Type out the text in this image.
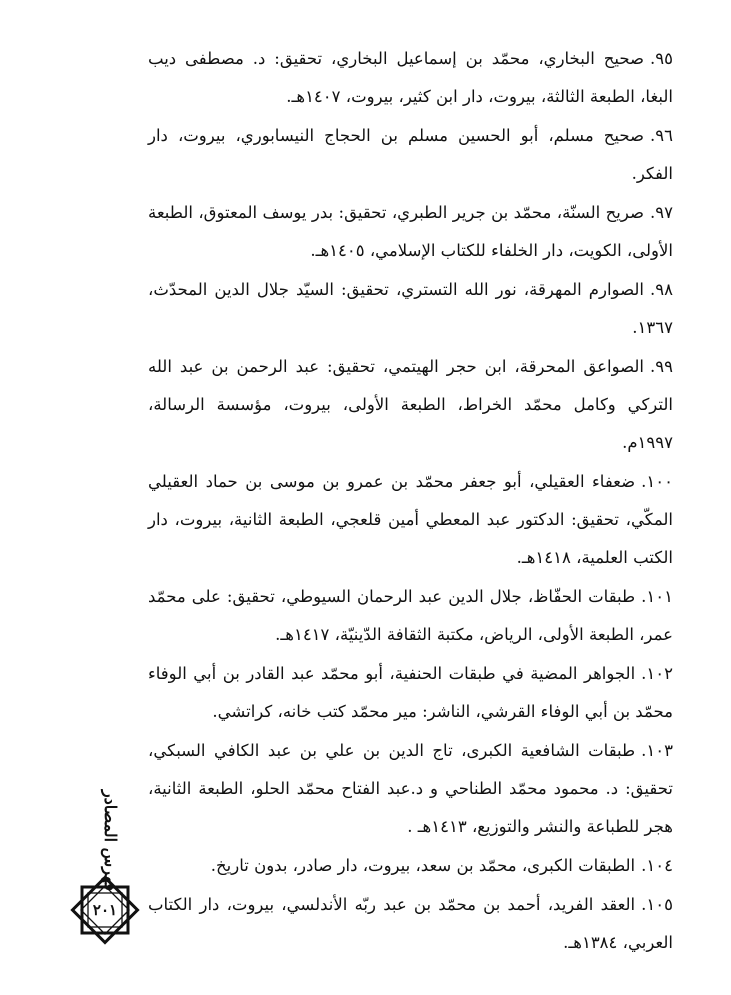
٩٥.صحيح البخاري، محمّد بن إسماعيل البخاري، تحقيق: د. مصطفى ديب البغا، الطبعة الثالثة، بيروت، دار ابن كثير، بيروت، ١٤٠٧هـ.

٩٦.صحيح مسلم، أبو الحسين مسلم بن الحجاج النيسابوري، بيروت، دار الفكر.

٩٧.صريح السنّة، محمّد بن جرير الطبري، تحقيق: بدر يوسف المعتوق، الطبعة الأولى، الكويت، دار الخلفاء للكتاب الإسلامي، ١٤٠٥هـ.

٩٨.الصوارم المهرقة، نور الله التستري، تحقيق: السيّد جلال الدين المحدّث، ١٣٦٧.

٩٩.الصواعق المحرقة، ابن حجر الهيتمي، تحقيق: عبد الرحمن بن عبد الله التركي وكامل محمّد الخراط، الطبعة الأولى، بيروت، مؤسسة الرسالة، ١٩٩٧م.

١٠٠.ضعفاء العقيلي، أبو جعفر محمّد بن عمرو بن موسى بن حماد العقيلي المكّي، تحقيق: الدكتور عبد المعطي أمين قلعجي، الطبعة الثانية، بيروت، دار الكتب العلمية، ١٤١٨هـ.

١٠١.طبقات الحفّاظ، جلال الدين عبد الرحمان السيوطي، تحقيق: على محمّد عمر، الطبعة الأولى، الرياض، مكتبة الثقافة الدّينيّة، ١٤١٧هـ.

١٠٢.الجواهر المضية في طبقات الحنفية، أبو محمّد عبد القادر بن أبي الوفاء محمّد بن أبي الوفاء القرشي، الناشر: مير محمّد كتب خانه، كراتشي.

١٠٣.طبقات الشافعية الكبرى، تاج الدين بن علي بن عبد الكافي السبكي، تحقيق: د. محمود محمّد الطناحي و د.عبد الفتاح محمّد الحلو، الطبعة الثانية، هجر للطباعة والنشر والتوزيع، ١٤١٣هـ .

١٠٤.الطبقات الكبرى، محمّد بن سعد، بيروت، دار صادر، بدون تاريخ.

١٠٥.العقد الفريد، أحمد بن محمّد بن عبد ربّه الأندلسي، بيروت، دار الكتاب العربي، ١٣٨٤هـ.

فهرس المصادر
٢٠١
